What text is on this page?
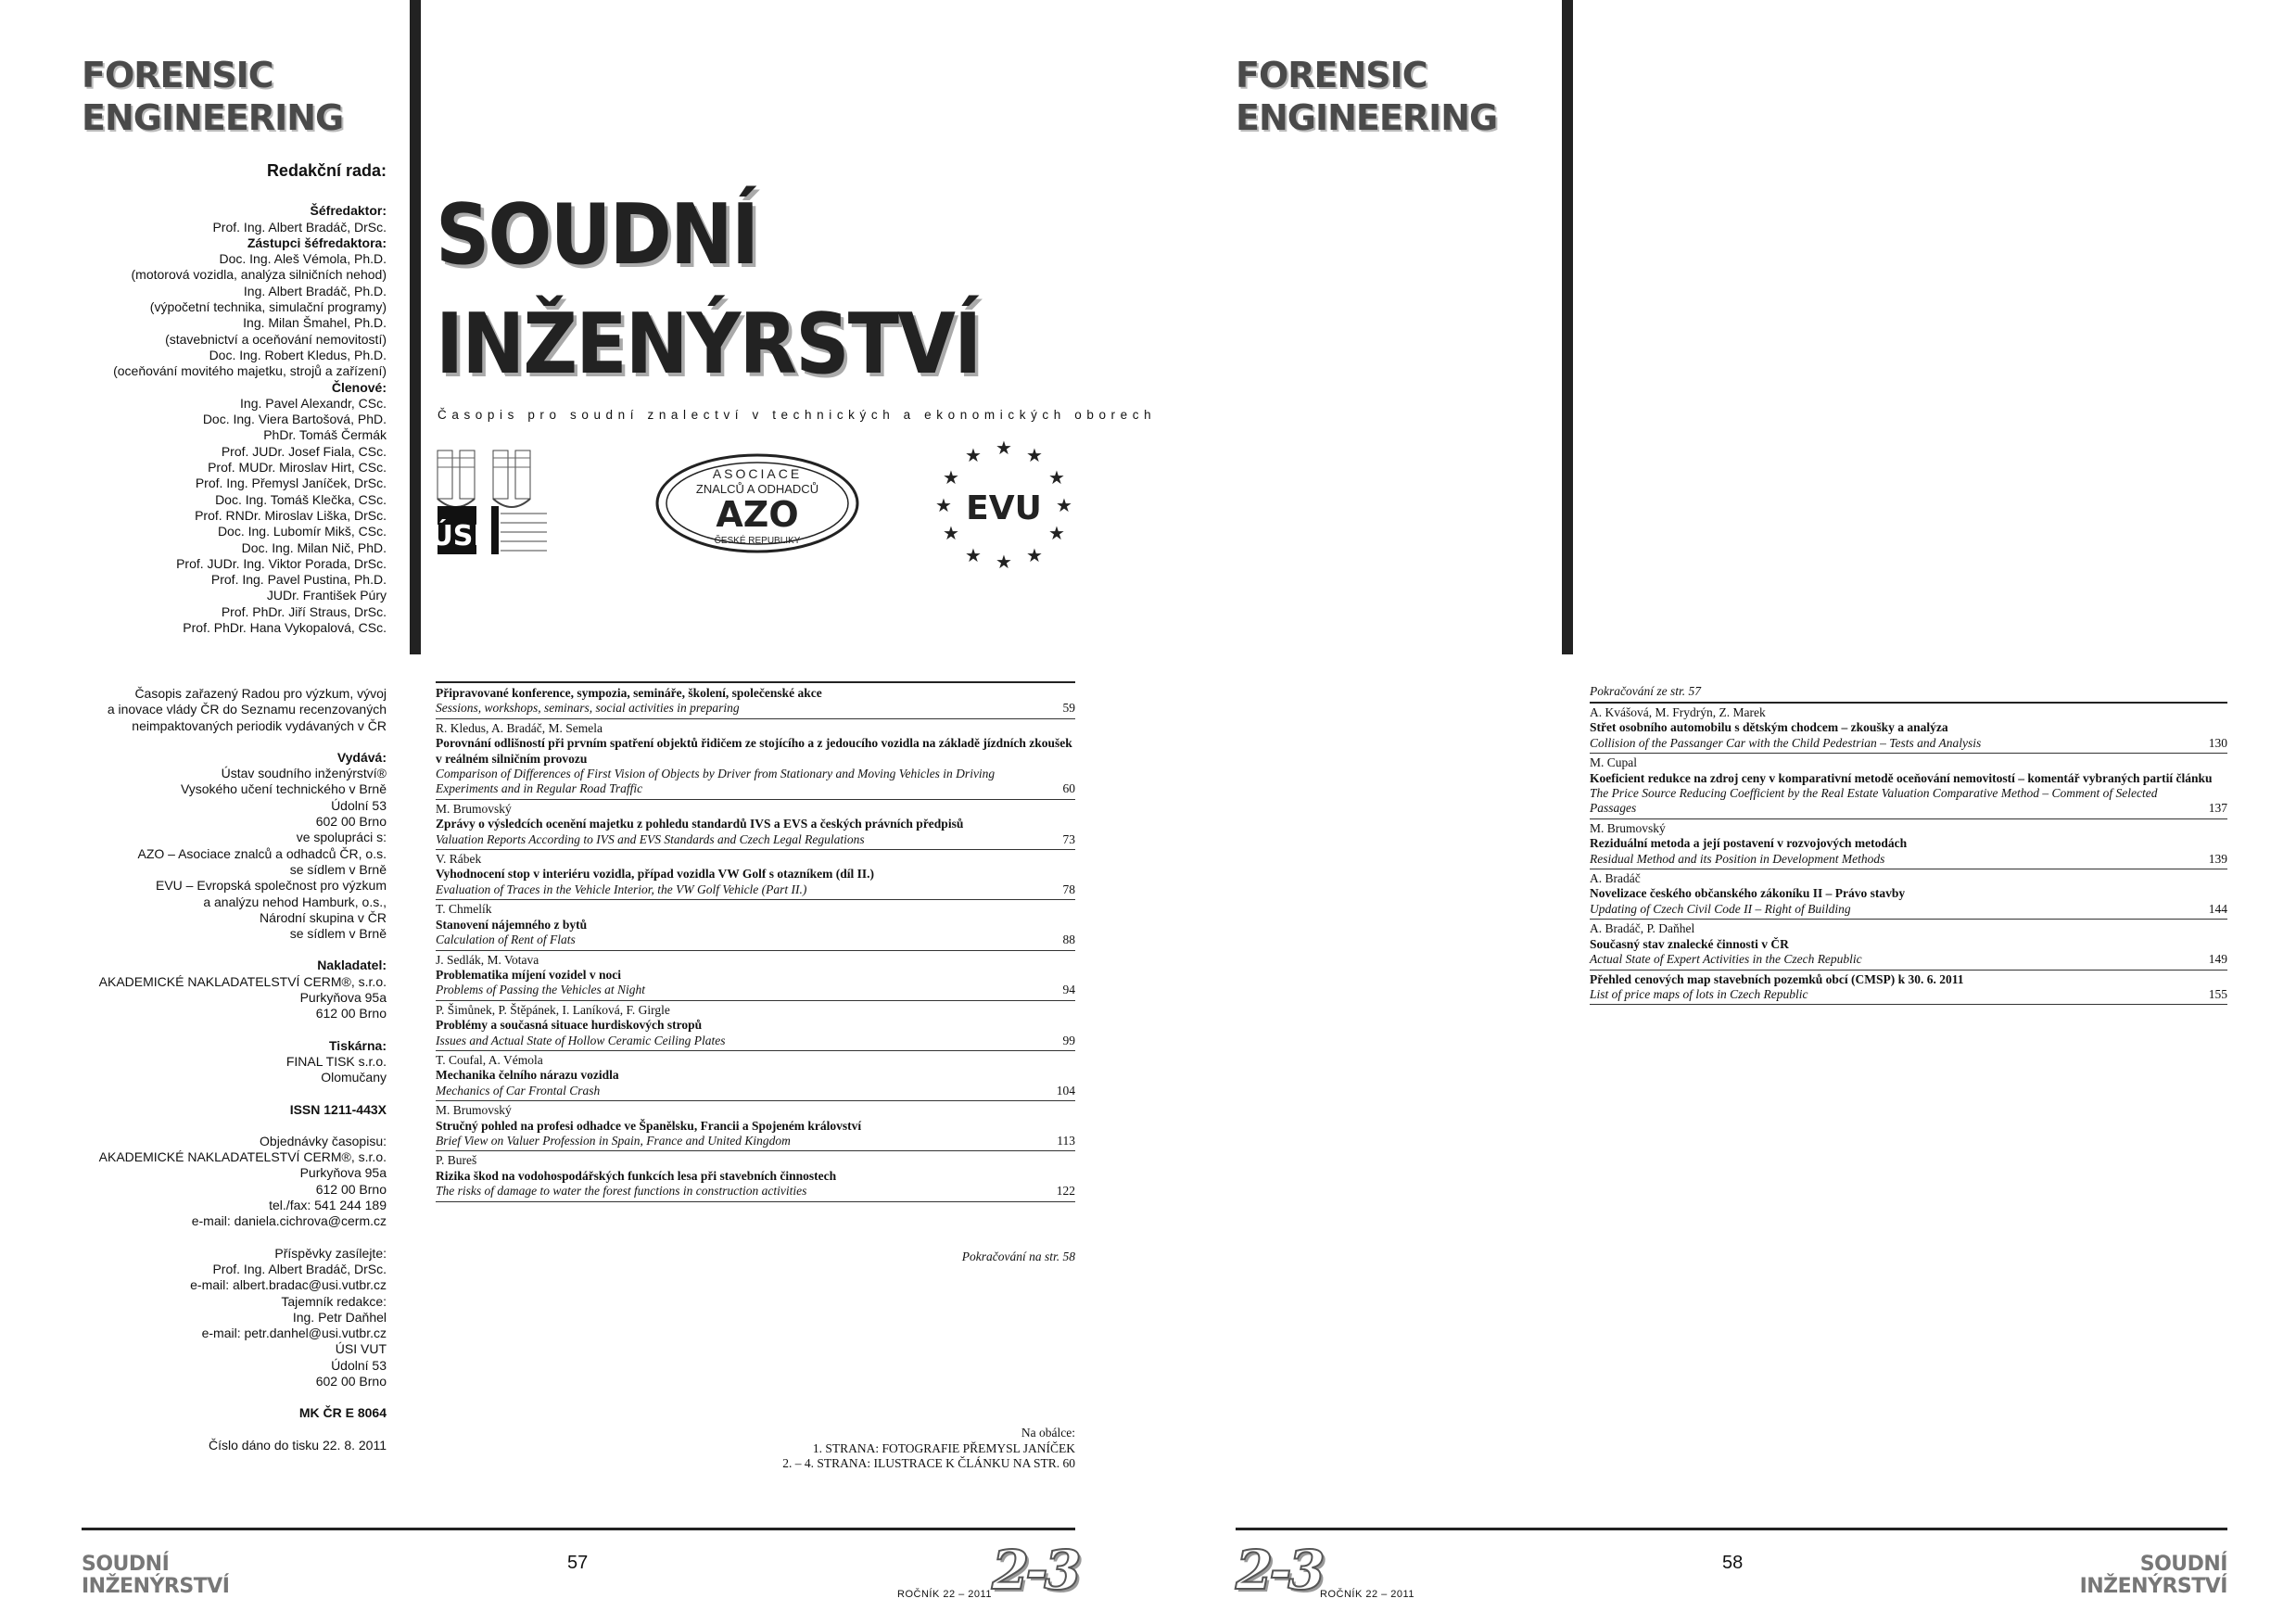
FORENSIC
ENGINEERING
Redakční rada:
Šéfredaktor:
Prof. Ing. Albert Bradáč, DrSc.
Zástupci šéfredaktora:
Doc. Ing. Aleš Vémola, Ph.D.
(motorová vozidla, analýza silničních nehod)
Ing. Albert Bradáč, Ph.D.
(výpočetní technika, simulační programy)
Ing. Milan Šmahel, Ph.D.
(stavebnictví a oceňování nemovitostí)
Doc. Ing. Robert Kledus, Ph.D.
(oceňování movitého majetku, strojů a zařízení)
Členové:
Ing. Pavel Alexandr, CSc.
Doc. Ing. Viera Bartošová, PhD.
PhDr. Tomáš Čermák
Prof. JUDr. Josef Fiala, CSc.
Prof. MUDr. Miroslav Hirt, CSc.
Prof. Ing. Přemysl Janíček, DrSc.
Doc. Ing. Tomáš Klečka, CSc.
Prof. RNDr. Miroslav Liška, DrSc.
Doc. Ing. Lubomír Mikš, CSc.
Doc. Ing. Milan Nič, PhD.
Prof. JUDr. Ing. Viktor Porada, DrSc.
Prof. Ing. Pavel Pustina, Ph.D.
JUDr. František Púry
Prof. PhDr. Jiří Straus, DrSc.
Prof. PhDr. Hana Vykopalová, CSc.
Časopis zařazený Radou pro výzkum, vývoj
a inovace vlády ČR do Seznamu recenzovaných
neimpaktovaných periodik vydávaných v ČR
Vydává:
Ústav soudního inženýrství®
Vysokého učení technického v Brně
Údolní 53
602 00 Brno
ve spolupráci s:
AZO – Asociace znalců a odhadců ČR, o.s.
se sídlem v Brně
EVU – Evropská společnost pro výzkum
a analýzu nehod Hamburk, o.s.,
Národní skupina v ČR
se sídlem v Brně
Nakladatel:
AKADEMICKÉ NAKLADATELSTVÍ CERM®, s.r.o.
Purkyňova 95a
612 00 Brno
Tiskárna:
FINAL TISK s.r.o.
Olomučany
ISSN 1211-443X
Objednávky časopisu:
AKADEMICKÉ NAKLADATELSTVÍ CERM®, s.r.o.
Purkyňova 95a
612 00 Brno
tel./fax: 541 244 189
e-mail: daniela.cichrova@cerm.cz
Příspěvky zasílejte:
Prof. Ing. Albert Bradáč, DrSc.
e-mail: albert.bradac@usi.vutbr.cz
Tajemník redakce:
Ing. Petr Daňhel
e-mail: petr.danhel@usi.vutbr.cz
ÚSI VUT
Údolní 53
602 00 Brno
MK ČR E 8064
Číslo dáno do tisku 22. 8. 2011
SOUDNÍ
INŽENÝRSTVÍ
Časopis pro soudní znalectví v technických a ekonomických oborech
ÚSI
ASOCIACE
ZNALCŮ A ODHADCŮ
AZO
ČESKÉ REPUBLIKY
★ ★
★
★
★
★
★
★
★
★
★
★
EVU
Připravované konference, sympozia, semináře, školení, společenské akce
Sessions, workshops, seminars, social activities in preparing	59
R. Kledus, A. Bradáč, M. Semela
Porovnání odlišností při prvním spatření objektů řidičem ze stojícího a z jedoucího vozidla na základě jízdních zkoušek v reálném silničním provozu
Comparison of Differences of First Vision of Objects by Driver from Stationary and Moving Vehicles in Driving Experiments and in Regular Road Traffic	60
M. Brumovský
Zprávy o výsledcích ocenění majetku z pohledu standardů IVS a EVS a českých právních předpisů
Valuation Reports According to IVS and EVS Standards and Czech Legal Regulations	73
V. Rábek
Vyhodnocení stop v interiéru vozidla, případ vozidla VW Golf s otazníkem (díl II.)
Evaluation of Traces in the Vehicle Interior, the VW Golf Vehicle (Part II.)	78
T. Chmelík
Stanovení nájemného z bytů
Calculation of Rent of Flats	88
J. Sedlák, M. Votava
Problematika míjení vozidel v noci
Problems of Passing the Vehicles at Night	94
P. Šimůnek, P. Štěpánek, I. Laníková, F. Girgle
Problémy a současná situace hurdiskových stropů
Issues and Actual State of Hollow Ceramic Ceiling Plates	99
T. Coufal, A. Vémola
Mechanika čelního nárazu vozidla
Mechanics of Car Frontal Crash	104
M. Brumovský
Stručný pohled na profesi odhadce ve Španělsku, Francii a Spojeném království
Brief View on Valuer Profession in Spain, France and United Kingdom	113
P. Bureš
Rizika škod na vodohospodářských funkcích lesa při stavebních činnostech
The risks of damage to water the forest functions in construction activities	122
Pokračování na str. 58
Na obálce:
1. STRANA: FOTOGRAFIE PŘEMYSL JANÍČEK
2. – 4. STRANA: ILUSTRACE K ČLÁNKU NA STR. 60
SOUDNÍ
INŽENÝRSTVÍ
57
ROČNÍK 22 – 2011 2-3
FORENSIC
ENGINEERING
Pokračování ze str. 57
A. Kvášová, M. Frydrýn, Z. Marek
Střet osobního automobilu s dětským chodcem – zkoušky a analýza
Collision of the Passanger Car with the Child Pedestrian – Tests and Analysis	130
M. Cupal
Koeficient redukce na zdroj ceny v komparativní metodě oceňování nemovitostí – komentář vybraných partií článku
The Price Source Reducing Coefficient by the Real Estate Valuation Comparative Method – Comment of Selected Passages	137
M. Brumovský
Reziduální metoda a její postavení v rozvojových metodách
Residual Method and its Position in Development Methods	139
A. Bradáč
Novelizace českého občanského zákoníku II – Právo stavby
Updating of Czech Civil Code II – Right of Building	144
A. Bradáč, P. Daňhel
Současný stav znalecké činnosti v ČR
Actual State of Expert Activities in the Czech Republic	149
Přehled cenových map stavebních pozemků obcí (CMSP) k 30. 6. 2011
List of price maps of lots in Czech Republic	155
2-3
ROČNÍK 22 – 2011
58	SOUDNÍ
INŽENÝRSTVÍ
